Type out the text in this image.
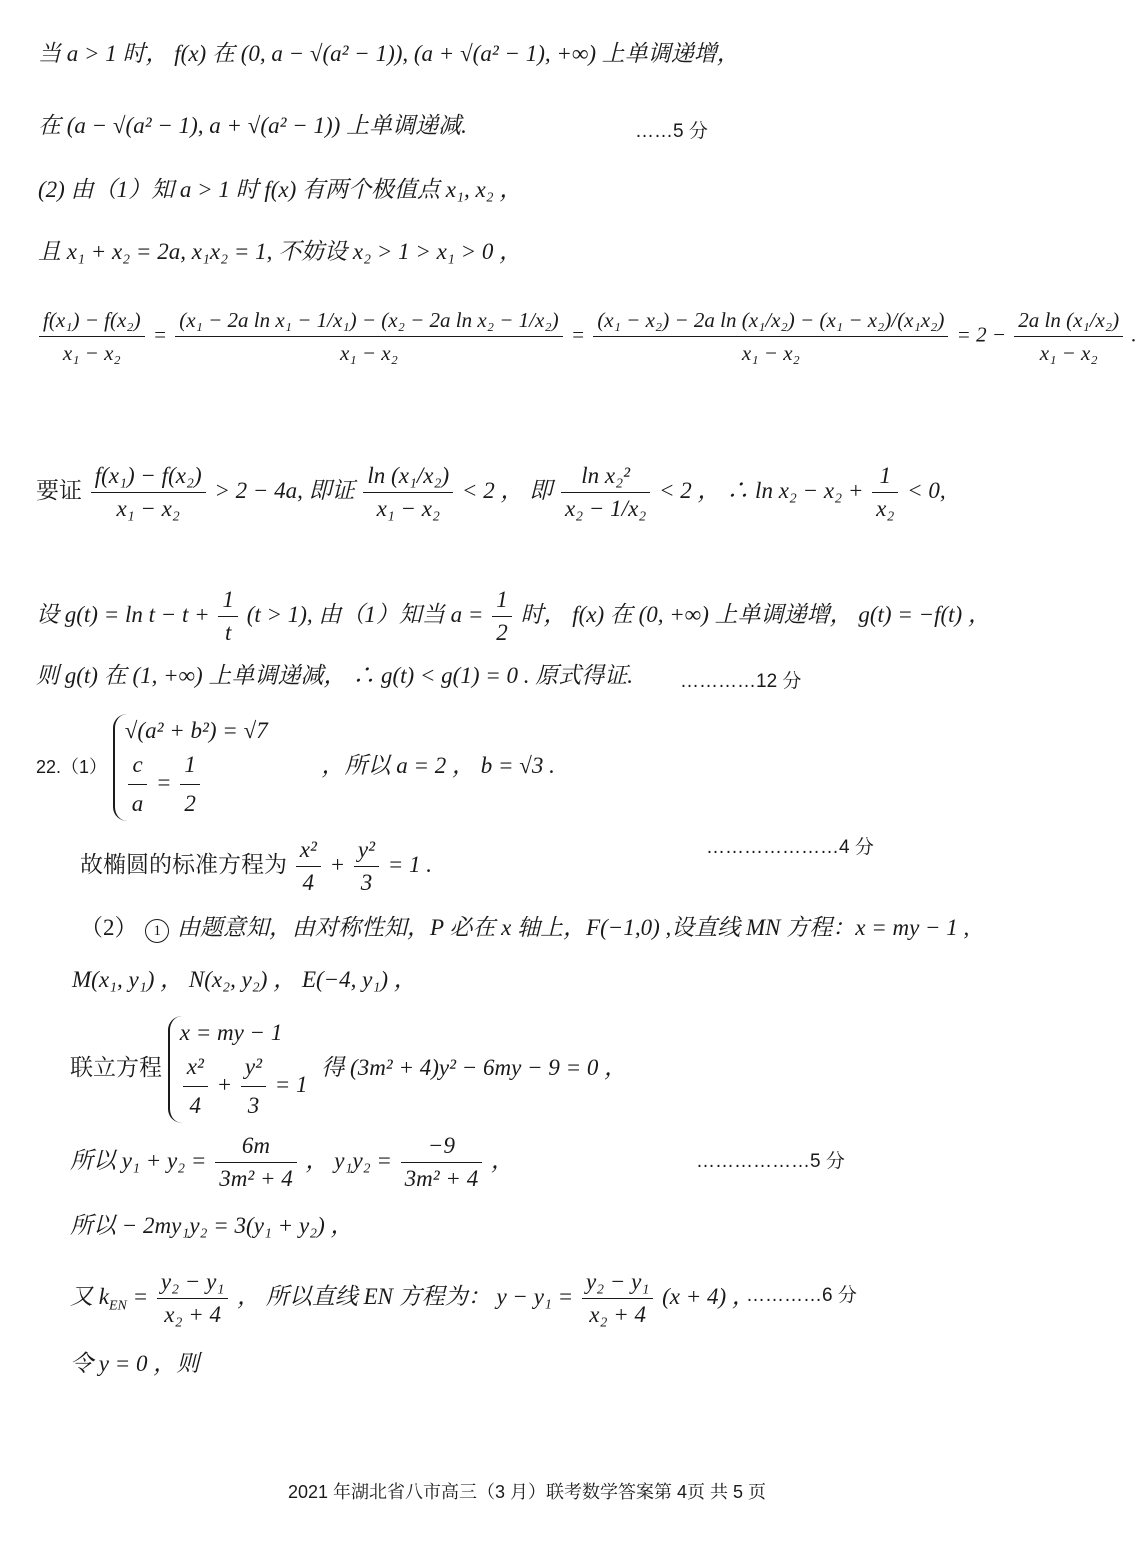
当 a > 1 时， f(x) 在 (0, a − √(a² − 1)), (a + √(a² − 1), +∞) 上单调递增，
在 (a − √(a² − 1), a + √(a² − 1)) 上单调递减.	……5 分
(2) 由（1）知 a > 1 时 f(x) 有两个极值点 x₁, x₂ ，
且 x₁ + x₂ = 2a, x₁x₂ = 1, 不妨设 x₂ > 1 > x₁ > 0 ，
$\frac{\text{f(x₁) − f(x₂)}}{\text{x₁ − x₂}} = \frac{\text{(x₁ − 2a ln x₁ − 1/x₁) − (x₂ − 2a ln x₂ − 1/x₂)}}{\text{x₁ − x₂}} = \frac{\text{(x₁ − x₂) − 2a ln (x₁/x₂) − (x₁ − x₂)/(x₁x₂)}}{\text{x₁ − x₂}} = 2 - \frac{\text{2a ln (x₁/x₂)}}{\text{x₁ − x₂}}$ .
要证 $\frac{\text{f(x₁) − f(x₂)}}{\text{x₁ − x₂}} > 2 - 4a$, 即证 $\frac{\text{ln (x₁/x₂)}}{\text{x₁ − x₂}} < 2$ ， 即 $\frac{\text{ln x₂²}}{\text{x₂ − 1/x₂}} < 2$ ， ∴ $\ln x_2 - x_2 + \frac{1}{\text{x₂}} < 0$,
设 $g(t) = \ln t - t + \frac{1}{t} (t > 1)$, 由（1）知当 $a = \frac{1}{2}$ 时， f(x) 在 (0, +∞) 上单调递增， g(t) = −f(t) ，
则 g(t) 在 (1, +∞) 上单调递减， ∴ g(t) < g(1) = 0 . 原式得证. …………12 分
22.（1）
√(a² + b²) = √7
$\frac{c}{a} = \frac{1}{2}$	，所以 a = 2 ， b = √3 .
故椭圆的标准方程为 $\frac{\text{x²}}{4} + \frac{\text{y²}}{3} = 1$ .
…………………4 分
（2） 1 由题意知，由对称性知，P 必在 x 轴上，F(−1,0) ,设直线 MN 方程：x = my − 1 ,
M(x₁, y₁) ， N(x₂, y₂) ， E(−4, y₁) ，
联立方程
x = my − 1
$\frac{\text{x²}}{4} + \frac{\text{y²}}{3} = 1$
得 (3m² + 4)y² − 6my − 9 = 0 ，
所以 $y_1 + y_2 = \frac{6m}{\text{3m² + 4}}$ ， $y_1y_2 = \frac{-9}{\text{3m² + 4}}$ ，	………………5 分
所以 − 2my₁y₂ = 3(y₁ + y₂) ，
又 $k_{EN} = \frac{\text{y₂ − y₁}}{\text{x₂ + 4}}$ ， 所以直线 EN 方程为： $y - y_1 = \frac{\text{y₂ − y₁}}{\text{x₂ + 4}} (x + 4)$ ，
…………6 分
令 y = 0 ，则
2021 年湖北省八市高三（3 月）联考数学答案第 4页 共 5 页
